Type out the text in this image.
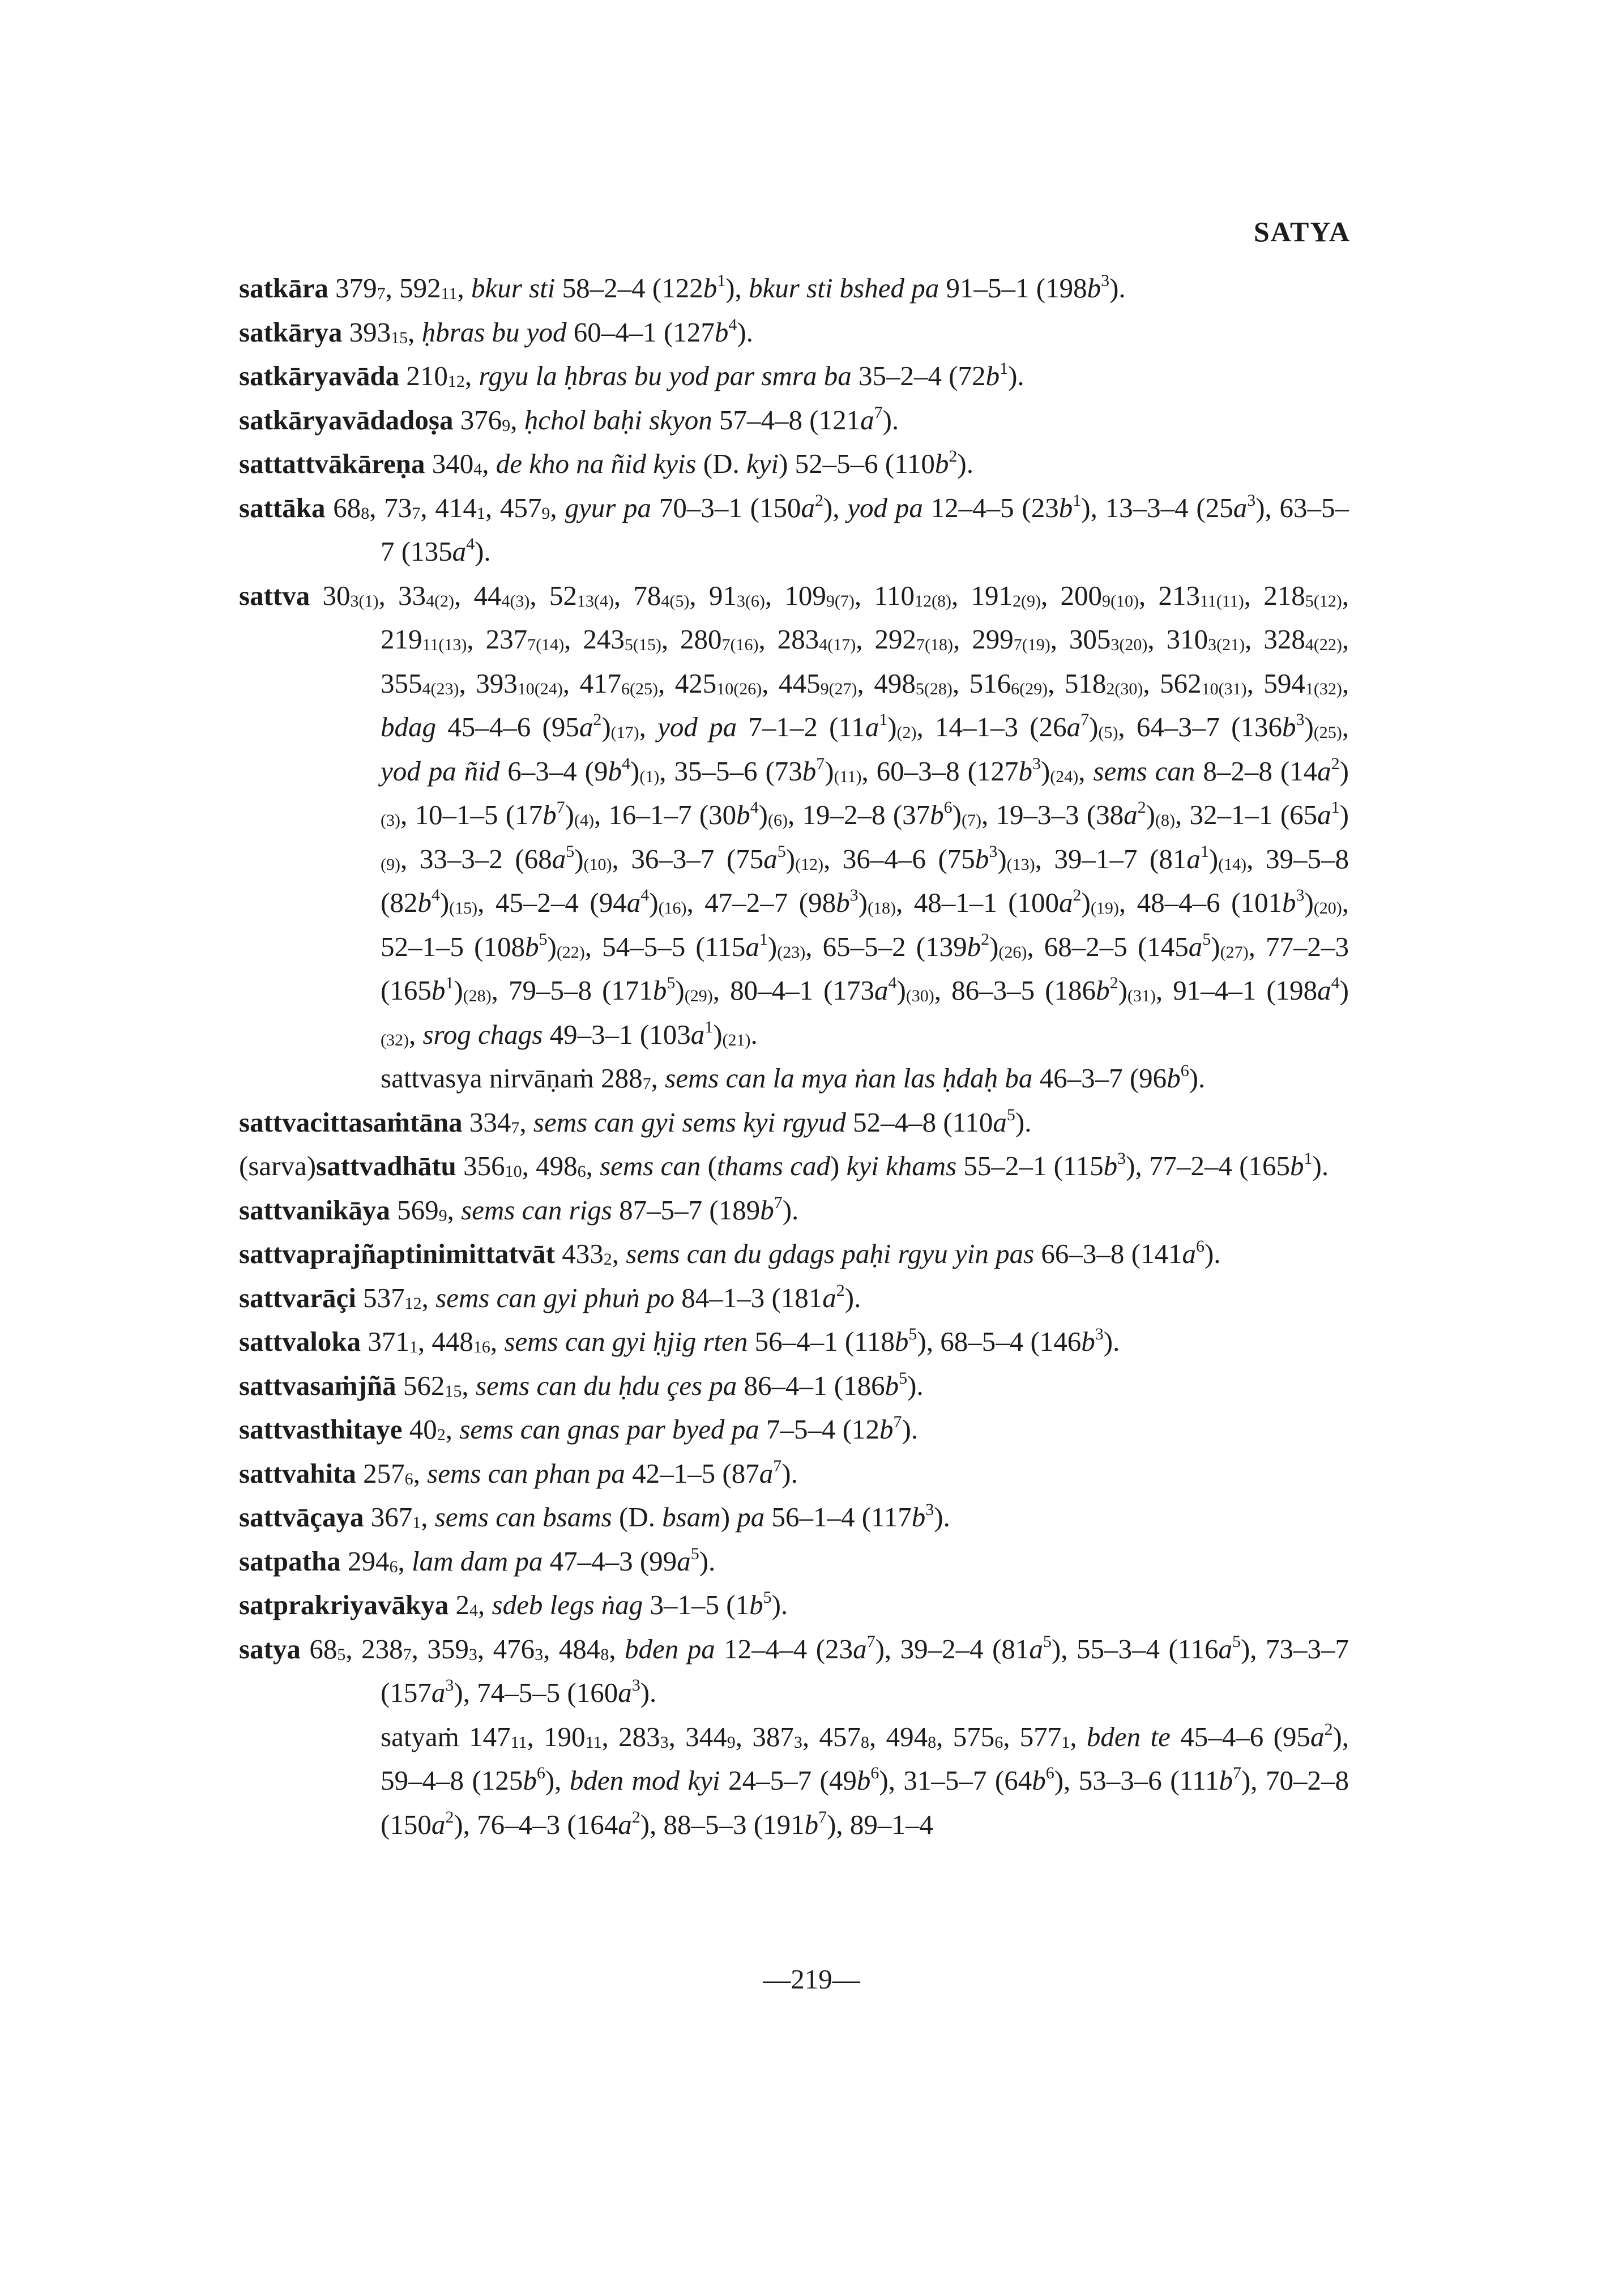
SATYA

satkāra $379_7$, $592_{11}$, bkur sti 58–2–4 $(122b^1)$, bkur sti bshed pa 91–5–1 $(198b^3)$.

satkārya $393_{15}$, ḥbras bu yod 60–4–1 $(127b^4)$.

satkāryavāda $210_{12}$, rgyu la ḥbras bu yod par smra ba 35–2–4 $(72b^1)$.

satkāryavādadoṣa $376_9$, ḥchol baḥi skyon 57–4–8 $(121a^7)$.

sattattvākāreṇa $340_4$, de kho na ñid kyis (D. kyi) 52–5–6 $(110b^2)$.

sattāka $68_8$, $73_7$, $414_1$, $457_9$, gyur pa 70–3–1 $(150a^2)$, yod pa 12–4–5 $(23b^1)$, 13–3–4 $(25a^3)$, 63–5–7 $(135a^4)$.

sattva $30_{3(1)}$, $33_{4(2)}$, $44_{4(3)}$, $52_{13(4)}$, $78_{4(5)}$, $91_{3(6)}$, $109_{9(7)}$, $110_{12(8)}$, $191_{2(9)}$, $200_{9(10)}$, $213_{11(11)}$, $218_{5(12)}$, $219_{11(13)}$, $237_{7(14)}$, $243_{5(15)}$, $280_{7(16)}$, $283_{4(17)}$, $292_{7(18)}$, $299_{7(19)}$, $305_{3(20)}$, $310_{3(21)}$, $328_{4(22)}$, $355_{4(23)}$, $393_{10(24)}$, $417_{6(25)}$, $425_{10(26)}$, $445_{9(27)}$, $498_{5(28)}$, $516_{6(29)}$, $518_{2(30)}$, $562_{10(31)}$, $594_{1(32)}$, bdag 45–4–6 $(95a^2)_{(17)}$, yod pa 7–1–2 $(11a^1)_{(2)}$, 14–1–3 $(26a^7)_{(5)}$, 64–3–7 $(136b^3)_{(25)}$, yod pa ñid 6–3–4 $(9b^4)_{(1)}$, 35–5–6 $(73b^7)_{(11)}$, 60–3–8 $(127b^3)_{(24)}$, sems can 8–2–8 $(14a^2)_{(3)}$, 10–1–5 $(17b^7)_{(4)}$, 16–1–7 $(30b^4)_{(6)}$, 19–2–8 $(37b^6)_{(7)}$, 19–3–3 $(38a^2)_{(8)}$, 32–1–1 $(65a^1)_{(9)}$, 33–3–2 $(68a^5)_{(10)}$, 36–3–7 $(75a^5)_{(12)}$, 36–4–6 $(75b^3)_{(13)}$, 39–1–7 $(81a^1)_{(14)}$, 39–5–8 $(82b^4)_{(15)}$, 45–2–4 $(94a^4)_{(16)}$, 47–2–7 $(98b^3)_{(18)}$, 48–1–1 $(100a^2)_{(19)}$, 48–4–6 $(101b^3)_{(20)}$, 52–1–5 $(108b^5)_{(22)}$, 54–5–5 $(115a^1)_{(23)}$, 65–5–2 $(139b^2)_{(26)}$, 68–2–5 $(145a^5)_{(27)}$, 77–2–3 $(165b^1)_{(28)}$, 79–5–8 $(171b^5)_{(29)}$, 80–4–1 $(173a^4)_{(30)}$, 86–3–5 $(186b^2)_{(31)}$, 91–4–1 $(198a^4)_{(32)}$, srog chags 49–3–1 $(103a^1)_{(21)}$.

sattvasya nirvāṇaṁ $288_7$, sems can la mya ṅan las ḥdaḥ ba 46–3–7 $(96b^6)$.

sattvacittasaṁtāna $334_7$, sems can gyi sems kyi rgyud 52–4–8 $(110a^5)$.

(sarva)sattvadhātu $356_{10}$, $498_6$, sems can (thams cad) kyi khams 55–2–1 $(115b^3)$, 77–2–4 $(165b^1)$.

sattvanikāya $569_9$, sems can rigs 87–5–7 $(189b^7)$.

sattvaprajñaptinimittatvāt $433_2$, sems can du gdags paḥi rgyu yin pas 66–3–8 $(141a^6)$.

sattvarāçi $537_{12}$, sems can gyi phuṅ po 84–1–3 $(181a^2)$.

sattvaloka $371_1$, $448_{16}$, sems can gyi ḥjig rten 56–4–1 $(118b^5)$, 68–5–4 $(146b^3)$.

sattvasaṁjñā $562_{15}$, sems can du ḥdu çes pa 86–4–1 $(186b^5)$.

sattvasthitaye $40_2$, sems can gnas par byed pa 7–5–4 $(12b^7)$.

sattvahita $257_6$, sems can phan pa 42–1–5 $(87a^7)$.

sattvāçaya $367_1$, sems can bsams (D. bsam) pa 56–1–4 $(117b^3)$.

satpatha $294_6$, lam dam pa 47–4–3 $(99a^5)$.

satprakriyavākya $2_4$, sdeb legs ṅag 3–1–5 $(1b^5)$.

satya $68_5$, $238_7$, $359_3$, $476_3$, $484_8$, bden pa 12–4–4 $(23a^7)$, 39–2–4 $(81a^5)$, 55–3–4 $(116a^5)$, 73–3–7 $(157a^3)$, 74–5–5 $(160a^3)$.

satyaṁ $147_{11}$, $190_{11}$, $283_3$, $344_9$, $387_3$, $457_8$, $494_8$, $575_6$, $577_1$, bden te 45–4–6 $(95a^2)$, 59–4–8 $(125b^6)$, bden mod kyi 24–5–7 $(49b^6)$, 31–5–7 $(64b^6)$, 53–3–6 $(111b^7)$, 70–2–8 $(150a^2)$, 76–4–3 $(164a^2)$, 88–5–3 $(191b^7)$, 89–1–4

—219—
